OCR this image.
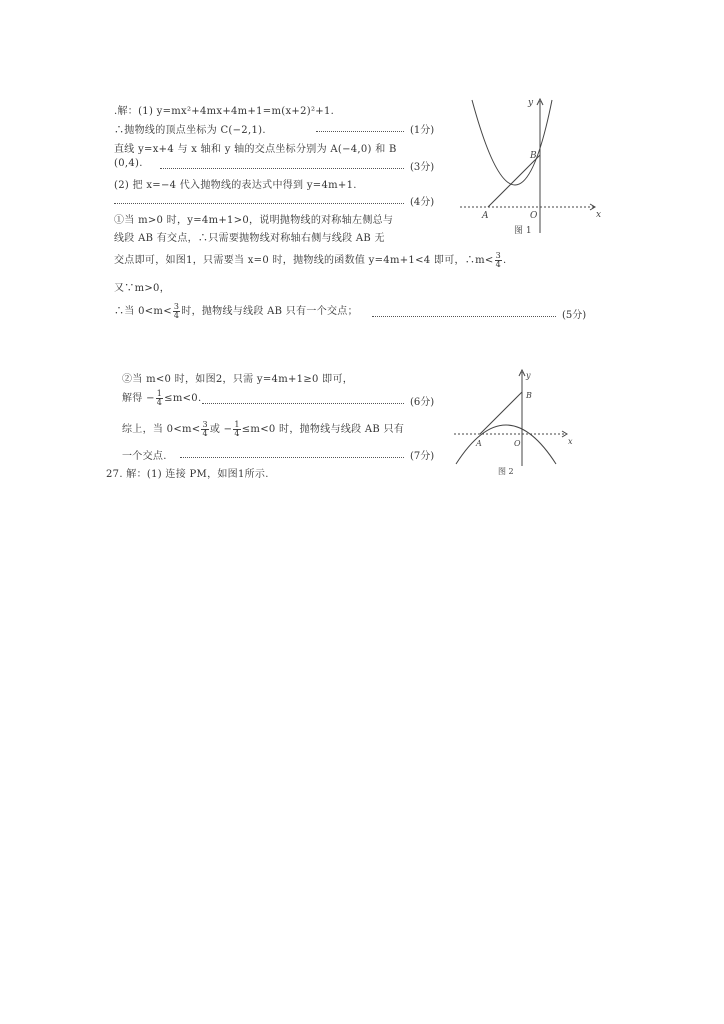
.解：(1) y=mx²+4mx+4m+1=m(x+2)²+1.
∴抛物线的顶点坐标为 C(−2,1).	(1分)
直线 y=x+4 与 x 轴和 y 轴的交点坐标分别为 A(−4,0) 和 B
(0,4).	(3分)
(2) 把 x=−4 代入抛物线的表达式中得到 y=4m+1.
(4分)
①当 m>0 时，y=4m+1>0，说明抛物线的对称轴左侧总与
线段 AB 有交点，∴只需要抛物线对称轴右侧与线段 AB 无
交点即可，如图1，只需要当 x=0 时，抛物线的函数值 y=4m+1<4 即可，∴m< $\frac{3}{4}$ .
又∵m>0，
∴当 $0<m< \frac{3}{4}$ 时，抛物线与线段 AB 只有一个交点；	(5分)
②当 m<0 时，如图2，只需 y=4m+1≥0 即可，
解得 − $\frac{1}{4} \le m<0$.	(6分)
综上，当 $0<m< \frac{3}{4}$ 或 − $\frac{1}{4} \le m<0$ 时，抛物线与线段 AB 只有
一个交点.	(7分)
27. 解：(1) 连接 PM，如图1所示.
y
x
B
A	O
图 1
y
x
B
A	O
图 2
